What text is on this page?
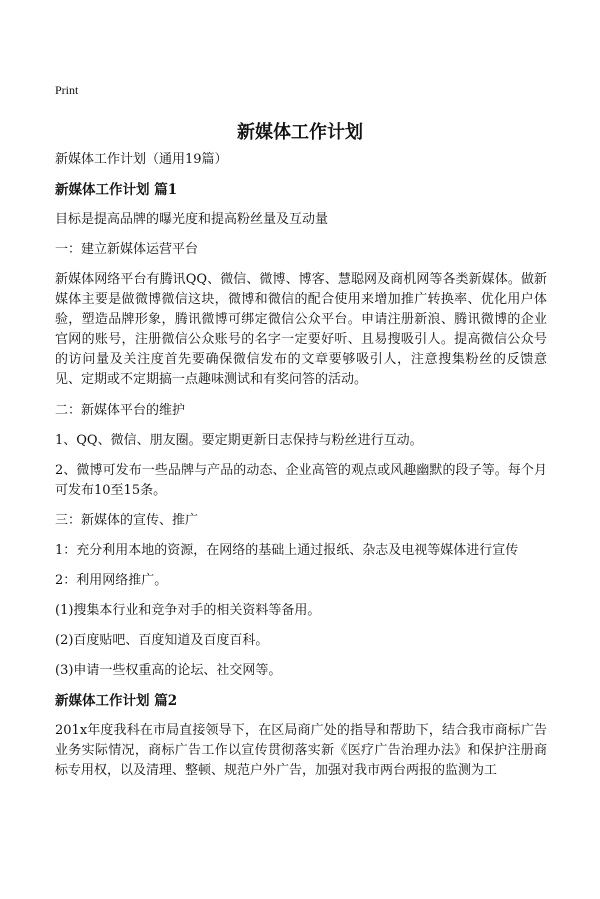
Print
新媒体工作计划

新媒体工作计划（通用19篇）

新媒体工作计划 篇1

目标是提高品牌的曝光度和提高粉丝量及互动量

一：建立新媒体运营平台

新媒体网络平台有腾讯QQ、微信、微博、博客、慧聪网及商机网等各类新媒体。做新媒体主要是做微博微信这块，微博和微信的配合使用来增加推广转换率、优化用户体验，塑造品牌形象，腾讯微博可绑定微信公众平台。申请注册新浪、腾讯微博的企业官网的账号，注册微信公众账号的名字一定要好听、且易搜吸引人。提高微信公众号的访问量及关注度首先要确保微信发布的文章要够吸引人，注意搜集粉丝的反馈意见、定期或不定期搞一点趣味测试和有奖问答的活动。

二：新媒体平台的维护

1、QQ、微信、朋友圈。要定期更新日志保持与粉丝进行互动。

2、微博可发布一些品牌与产品的动态、企业高管的观点或风趣幽默的段子等。每个月可发布10至15条。

三：新媒体的宣传、推广

1：充分利用本地的资源，在网络的基础上通过报纸、杂志及电视等媒体进行宣传

2：利用网络推广。

(1)搜集本行业和竞争对手的相关资料等备用。

(2)百度贴吧、百度知道及百度百科。

(3)申请一些权重高的论坛、社交网等。

新媒体工作计划 篇2

201x年度我科在市局直接领导下，在区局商广处的指导和帮助下，结合我市商标广告业务实际情况，商标广告工作以宣传贯彻落实新《医疗广告治理办法》和保护注册商标专用权，以及清理、整顿、规范户外广告，加强对我市两台两报的监测为工
